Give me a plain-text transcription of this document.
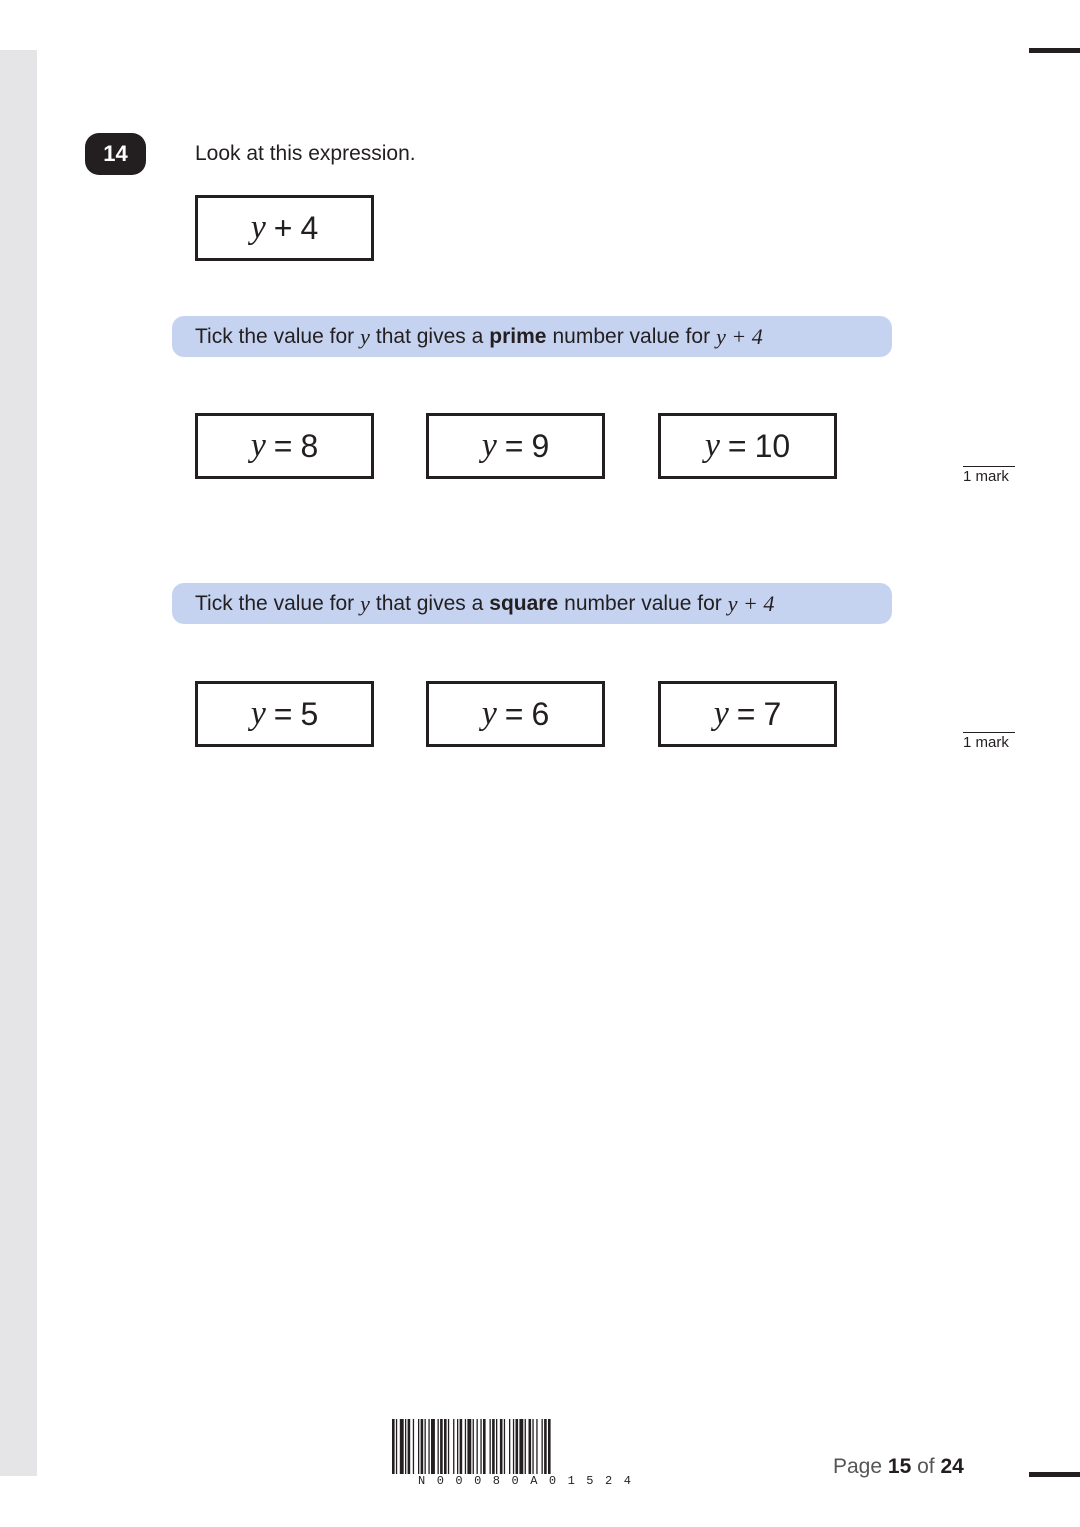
14	Look at this expression.
y + 4
Tick the value for y that gives a prime number value for y + 4
y = 8	y = 9	y = 10
1 mark
Tick the value for y that gives a square number value for y + 4
y = 5	y = 6	y = 7
1 mark
N00080A01524
Page 15 of 24
